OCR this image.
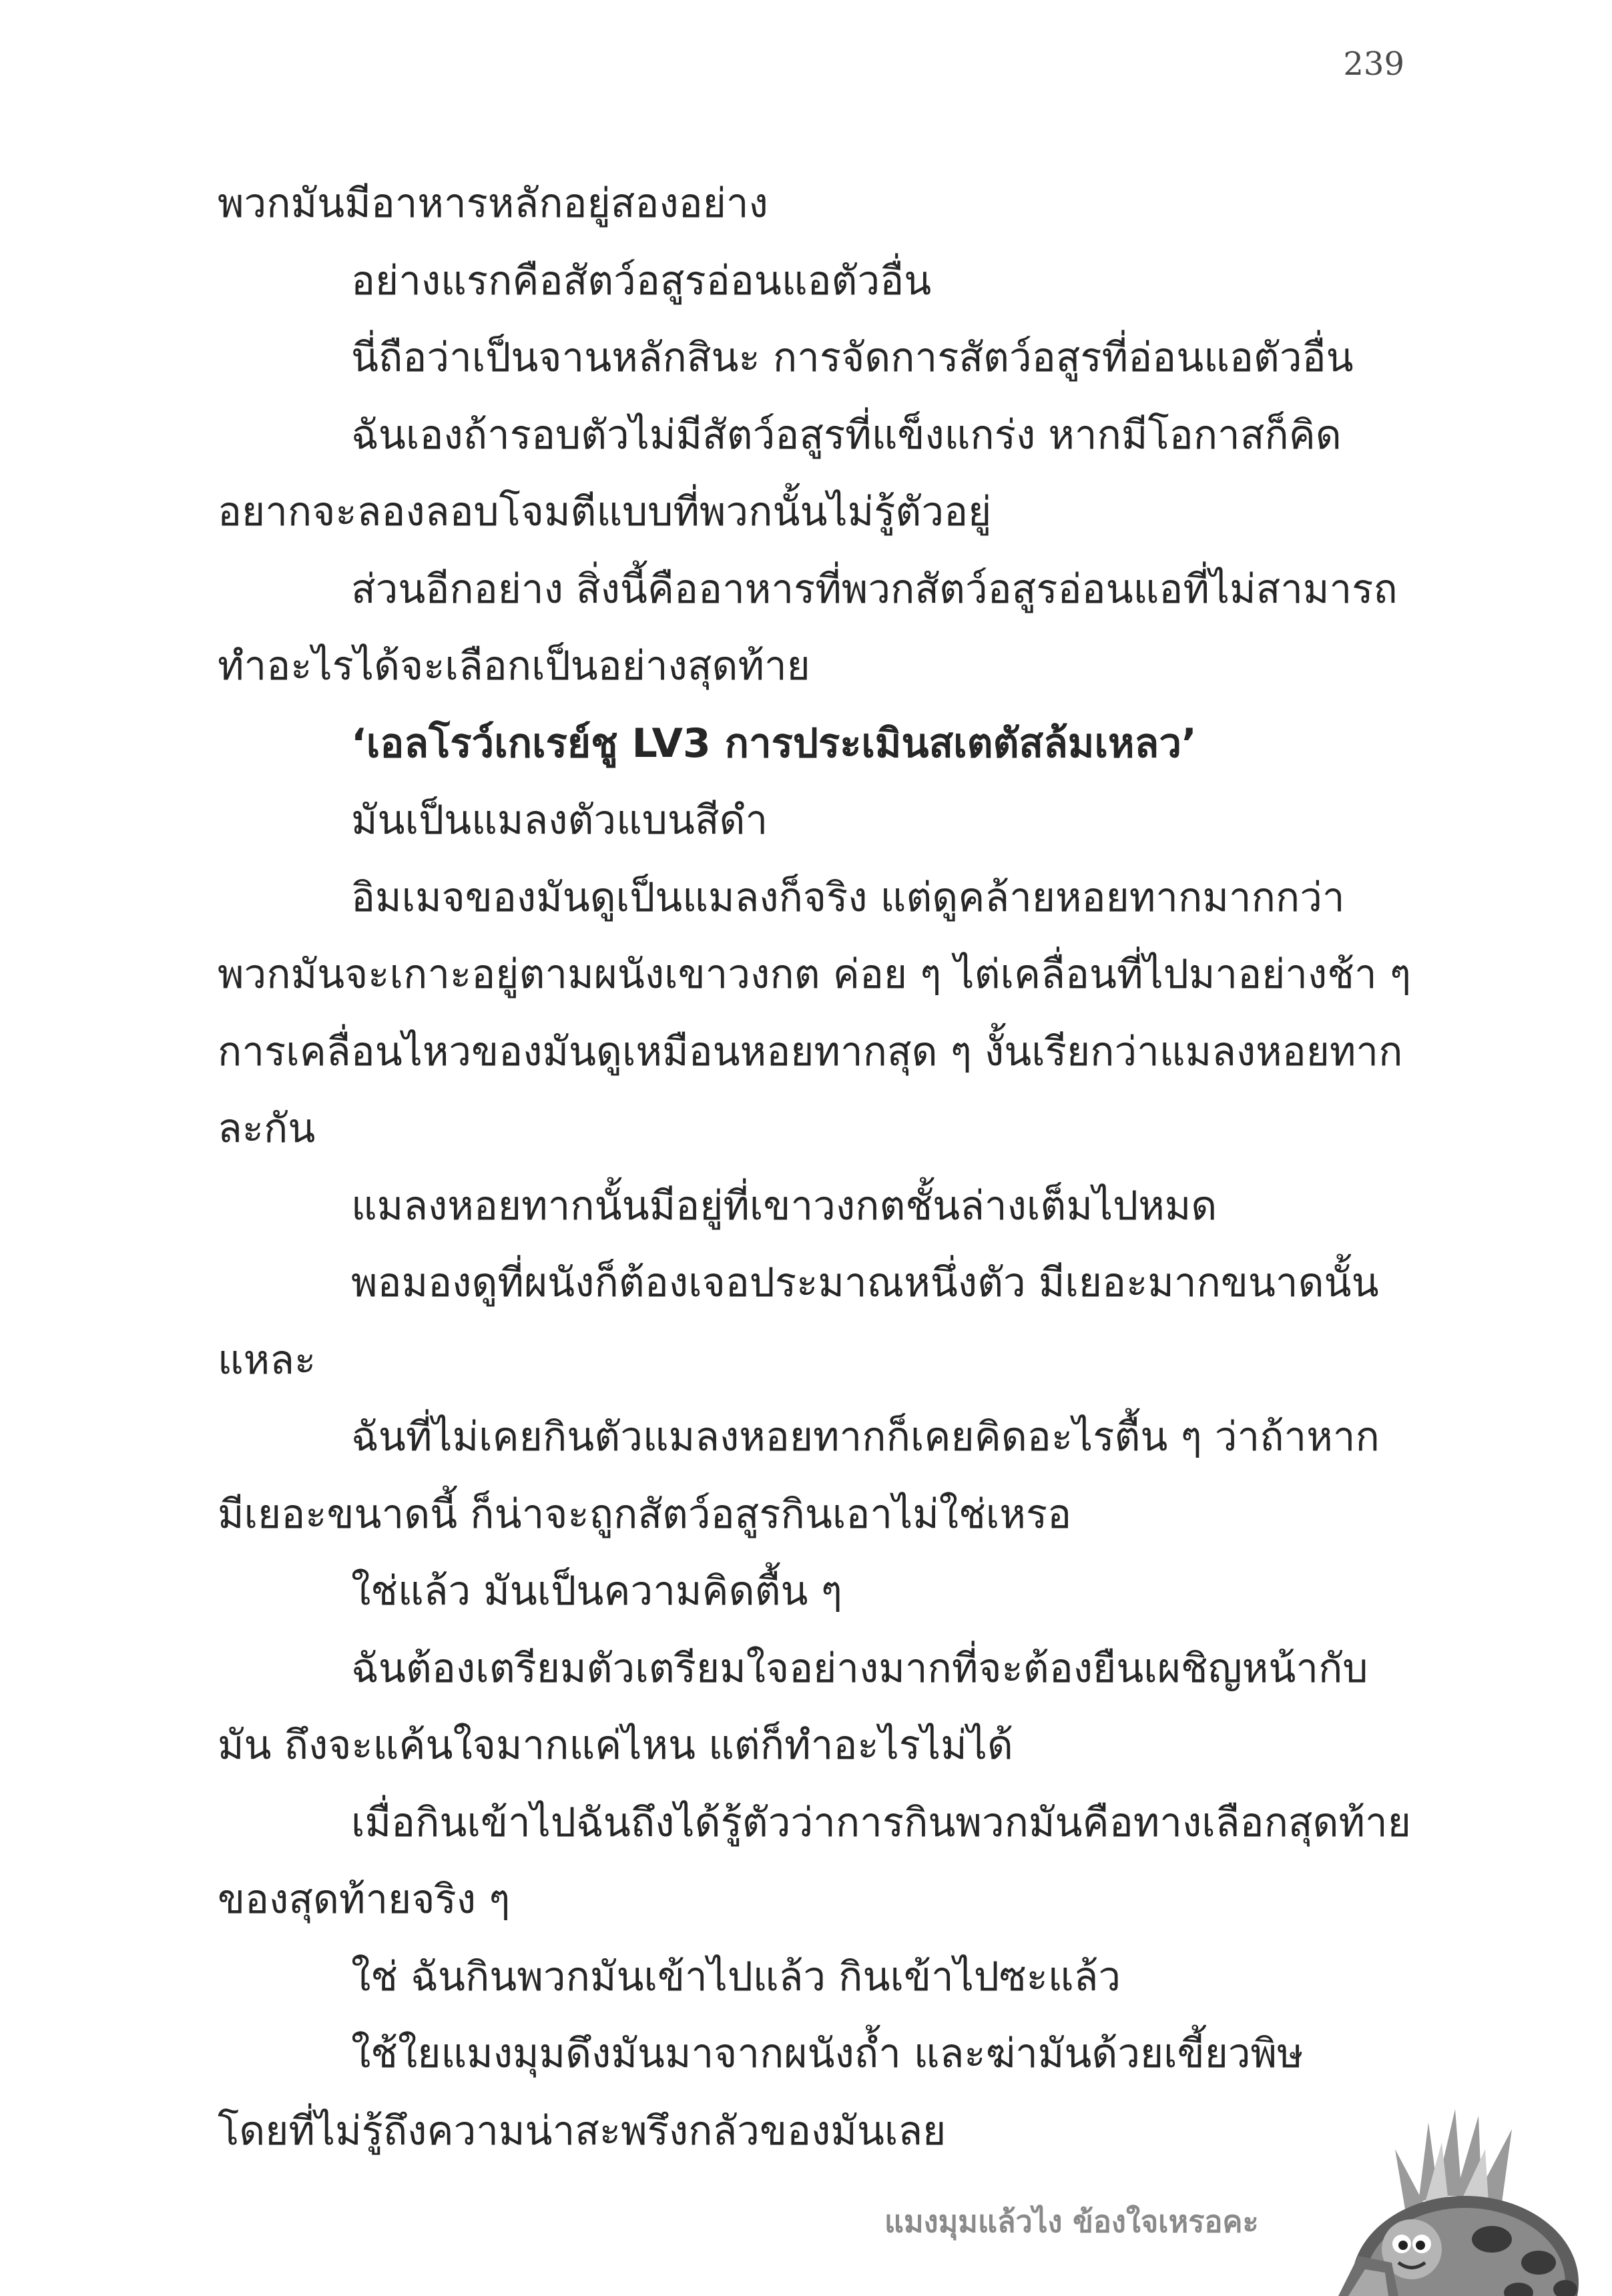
239
พวกมันมีอาหารหลักอยู่สองอย่าง
อย่างแรกคือสัตว์อสูรอ่อนแอตัวอื่น
นี่ถือว่าเป็นจานหลักสินะ การจัดการสัตว์อสูรที่อ่อนแอตัวอื่น
ฉันเองถ้ารอบตัวไม่มีสัตว์อสูรที่แข็งแกร่ง หากมีโอกาสก็คิด
อยากจะลองลอบโจมตีแบบที่พวกนั้นไม่รู้ตัวอยู่
ส่วนอีกอย่าง สิ่งนี้คืออาหารที่พวกสัตว์อสูรอ่อนแอที่ไม่สามารถ
ทำอะไรได้จะเลือกเป็นอย่างสุดท้าย
‘เอลโรว์เกเรย์ชู LV3 การประเมินสเตตัสล้มเหลว’
มันเป็นแมลงตัวแบนสีดำ
อิมเมจของมันดูเป็นแมลงก็จริง แต่ดูคล้ายหอยทากมากกว่า
พวกมันจะเกาะอยู่ตามผนังเขาวงกต ค่อย ๆ ไต่เคลื่อนที่ไปมาอย่างช้า ๆ
การเคลื่อนไหวของมันดูเหมือนหอยทากสุด ๆ งั้นเรียกว่าแมลงหอยทาก
ละกัน
แมลงหอยทากนั้นมีอยู่ที่เขาวงกตชั้นล่างเต็มไปหมด
พอมองดูที่ผนังก็ต้องเจอประมาณหนึ่งตัว มีเยอะมากขนาดนั้น
แหละ
ฉันที่ไม่เคยกินตัวแมลงหอยทากก็เคยคิดอะไรตื้น ๆ ว่าถ้าหาก
มีเยอะขนาดนี้ ก็น่าจะถูกสัตว์อสูรกินเอาไม่ใช่เหรอ
ใช่แล้ว มันเป็นความคิดตื้น ๆ
ฉันต้องเตรียมตัวเตรียมใจอย่างมากที่จะต้องยืนเผชิญหน้ากับ
มัน ถึงจะแค้นใจมากแค่ไหน แต่ก็ทำอะไรไม่ได้
เมื่อกินเข้าไปฉันถึงได้รู้ตัวว่าการกินพวกมันคือทางเลือกสุดท้าย
ของสุดท้ายจริง ๆ
ใช่ ฉันกินพวกมันเข้าไปแล้ว กินเข้าไปซะแล้ว
ใช้ใยแมงมุมดึงมันมาจากผนังถ้ำ และฆ่ามันด้วยเขี้ยวพิษ
โดยที่ไม่รู้ถึงความน่าสะพรึงกลัวของมันเลย
แมงมุมแล้วไง ข้องใจเหรอคะ
